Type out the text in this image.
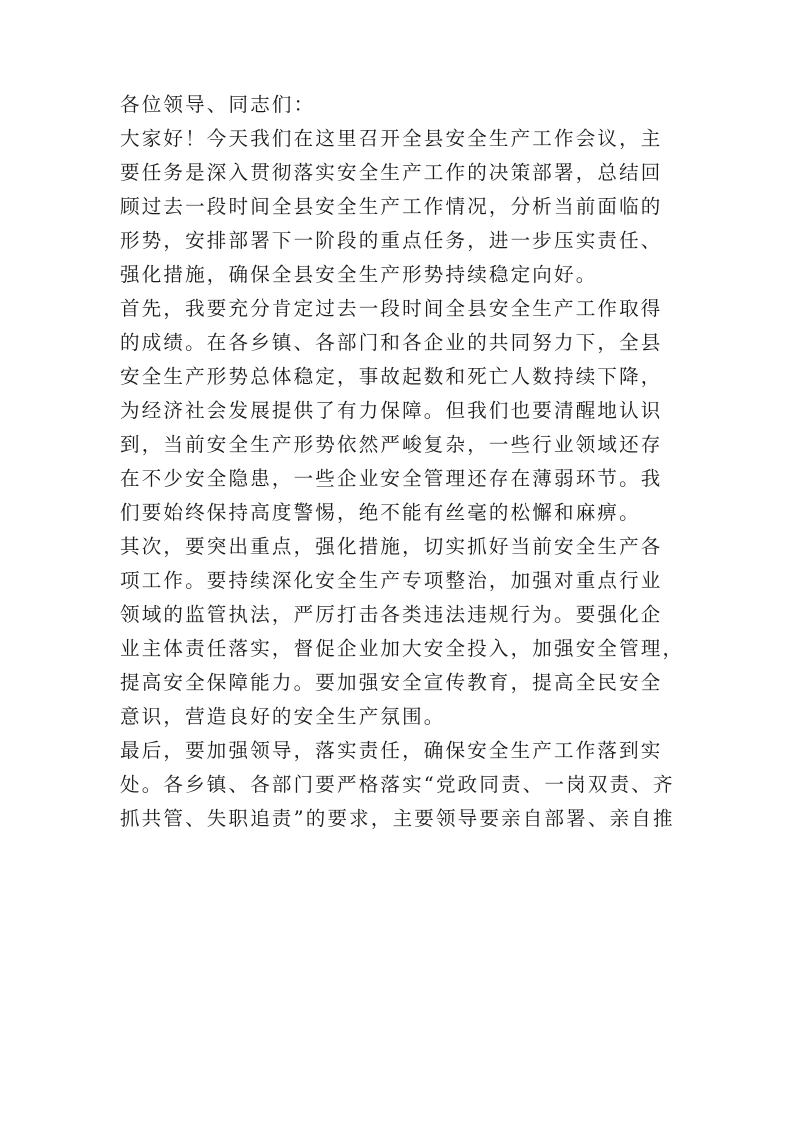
各位领导、同志们：
大家好！今天我们在这里召开全县安全生产工作会议，主
要任务是深入贯彻落实安全生产工作的决策部署，总结回
顾过去一段时间全县安全生产工作情况，分析当前面临的
形势，安排部署下一阶段的重点任务，进一步压实责任、
强化措施，确保全县安全生产形势持续稳定向好。
首先，我要充分肯定过去一段时间全县安全生产工作取得
的成绩。在各乡镇、各部门和各企业的共同努力下，全县
安全生产形势总体稳定，事故起数和死亡人数持续下降，
为经济社会发展提供了有力保障。但我们也要清醒地认识
到，当前安全生产形势依然严峻复杂，一些行业领域还存
在不少安全隐患，一些企业安全管理还存在薄弱环节。我
们要始终保持高度警惕，绝不能有丝毫的松懈和麻痹。
其次，要突出重点，强化措施，切实抓好当前安全生产各
项工作。要持续深化安全生产专项整治，加强对重点行业
领域的监管执法，严厉打击各类违法违规行为。要强化企
业主体责任落实，督促企业加大安全投入，加强安全管理，
提高安全保障能力。要加强安全宣传教育，提高全民安全
意识，营造良好的安全生产氛围。
最后，要加强领导，落实责任，确保安全生产工作落到实
处。各乡镇、各部门要严格落实“党政同责、一岗双责、齐
抓共管、失职追责”的要求，主要领导要亲自部署、亲自推
